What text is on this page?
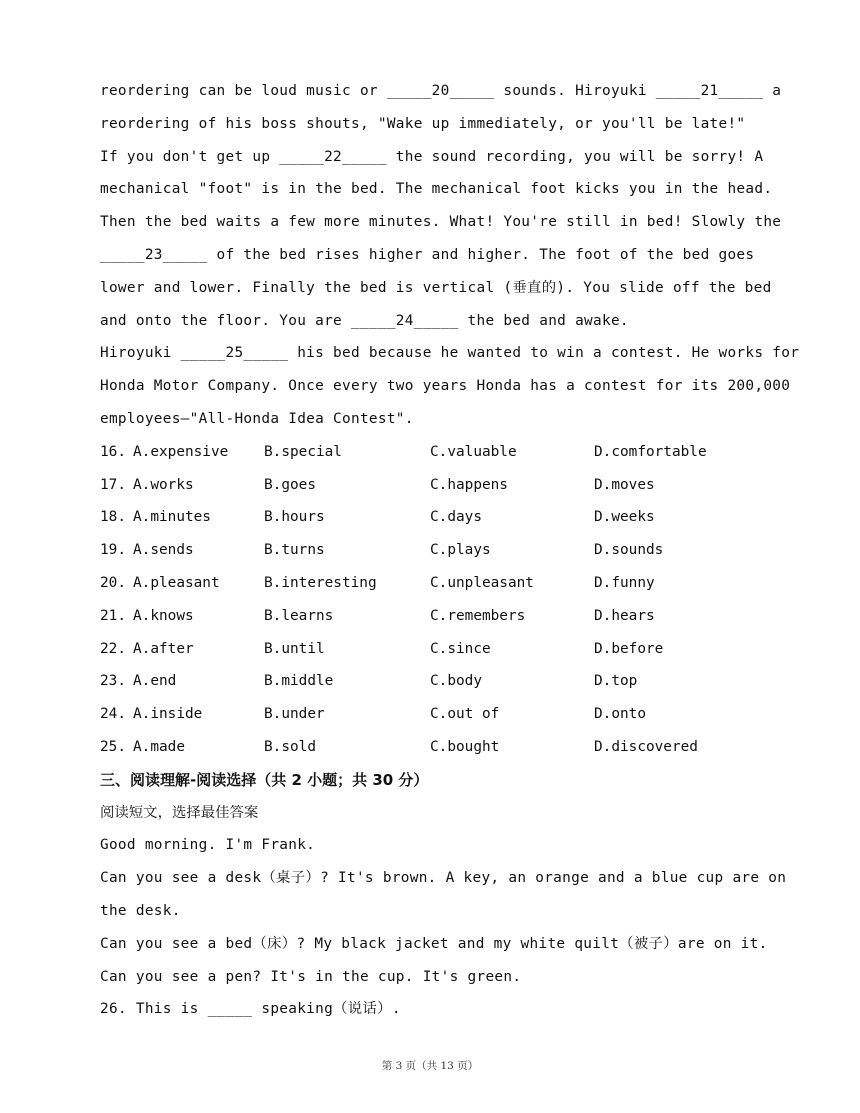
reordering can be loud music or _____20_____ sounds. Hiroyuki _____21_____ a
reordering of his boss shouts, "Wake up immediately, or you'll be late!"
If you don't get up _____22_____ the sound recording, you will be sorry! A
mechanical "foot" is in the bed. The mechanical foot kicks you in the head.
Then the bed waits a few more minutes. What! You're still in bed! Slowly the
_____23_____ of the bed rises higher and higher. The foot of the bed goes
lower and lower. Finally the bed is vertical (垂直的). You slide off the bed
and onto the floor. You are _____24_____ the bed and awake.
Hiroyuki _____25_____ his bed because he wanted to win a contest. He works for
Honda Motor Company. Once every two years Honda has a contest for its 200,000
employees—"All-Honda Idea Contest".
16. A.expensive B.special	C.valuable	D.comfortable
17. A.works	B.goes	C.happens	D.moves
18. A.minutes	B.hours	C.days	D.weeks
19. A.sends	B.turns	C.plays	D.sounds
20. A.pleasant	B.interesting	C.unpleasant	D.funny
21. A.knows	B.learns	C.remembers	D.hears
22. A.after	B.until	C.since	D.before
23. A.end	B.middle	C.body	D.top
24. A.inside	B.under	C.out of	D.onto
25. A.made	B.sold	C.bought	D.discovered
三、阅读理解-阅读选择（共 2 小题；共 30 分）
阅读短文，选择最佳答案
Good morning. I'm Frank.
Can you see a desk（桌子）? It's brown. A key, an orange and a blue cup are on
the desk.
Can you see a bed（床）? My black jacket and my white quilt（被子）are on it.
Can you see a pen? It's in the cup. It's green.
26. This is _____ speaking（说话）.
第 3 页（共 13 页）
